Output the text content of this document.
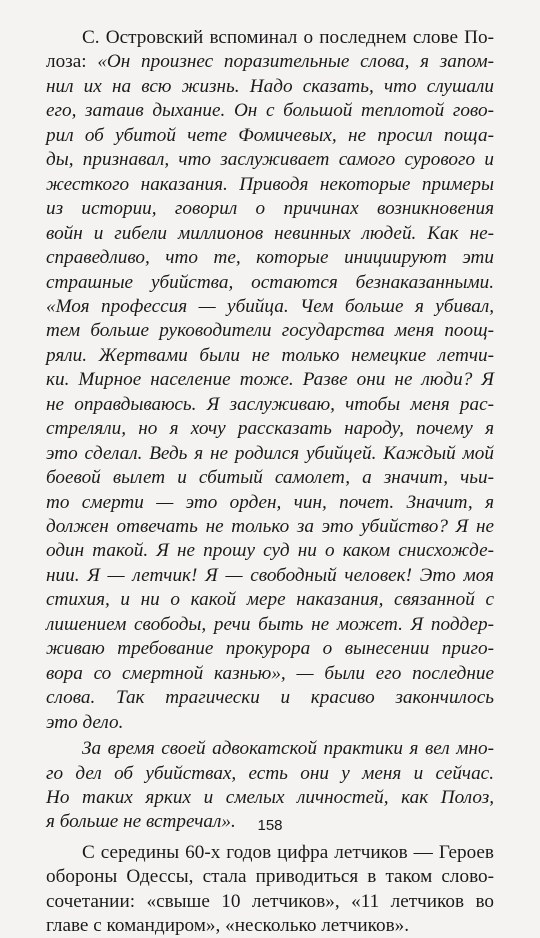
С. Островский вспоминал о последнем слове По-
лоза: «Он произнес поразительные слова, я запом-
нил их на всю жизнь. Надо сказать, что слушали
его, затаив дыхание. Он с большой теплотой гово-
рил об убитой чете Фомичевых, не просил поща-
ды, признавал, что заслуживает самого сурового и
жесткого наказания. Приводя некоторые примеры
из истории, говорил о причинах возникновения
войн и гибели миллионов невинных людей. Как не-
справедливо, что те, которые инициируют эти
страшные убийства, остаются безнаказанными.
«Моя профессия — убийца. Чем больше я убивал,
тем больше руководители государства меня поощ-
ряли. Жертвами были не только немецкие летчи-
ки. Мирное население тоже. Разве они не люди? Я
не оправдываюсь. Я заслуживаю, чтобы меня рас-
стреляли, но я хочу рассказать народу, почему я
это сделал. Ведь я не родился убийцей. Каждый мой
боевой вылет и сбитый самолет, а значит, чьи-
то смерти — это орден, чин, почет. Значит, я
должен отвечать не только за это убийство? Я не
один такой. Я не прошу суд ни о каком снисхожде-
нии. Я — летчик! Я — свободный человек! Это моя
стихия, и ни о какой мере наказания, связанной с
лишением свободы, речи быть не может. Я поддер-
живаю требование прокурора о вынесении приго-
вора со смертной казнью», — были его последние
слова. Так трагически и красиво закончилось
это дело.
За время своей адвокатской практики я вел мно-
го дел об убийствах, есть они у меня и сейчас.
Но таких ярких и смелых личностей, как Полоз,
я больше не встречал».
С середины 60-х годов цифра летчиков — Героев
обороны Одессы, стала приводиться в таком слово-
сочетании: «свыше 10 летчиков», «11 летчиков во
главе с командиром», «несколько летчиков».
158
